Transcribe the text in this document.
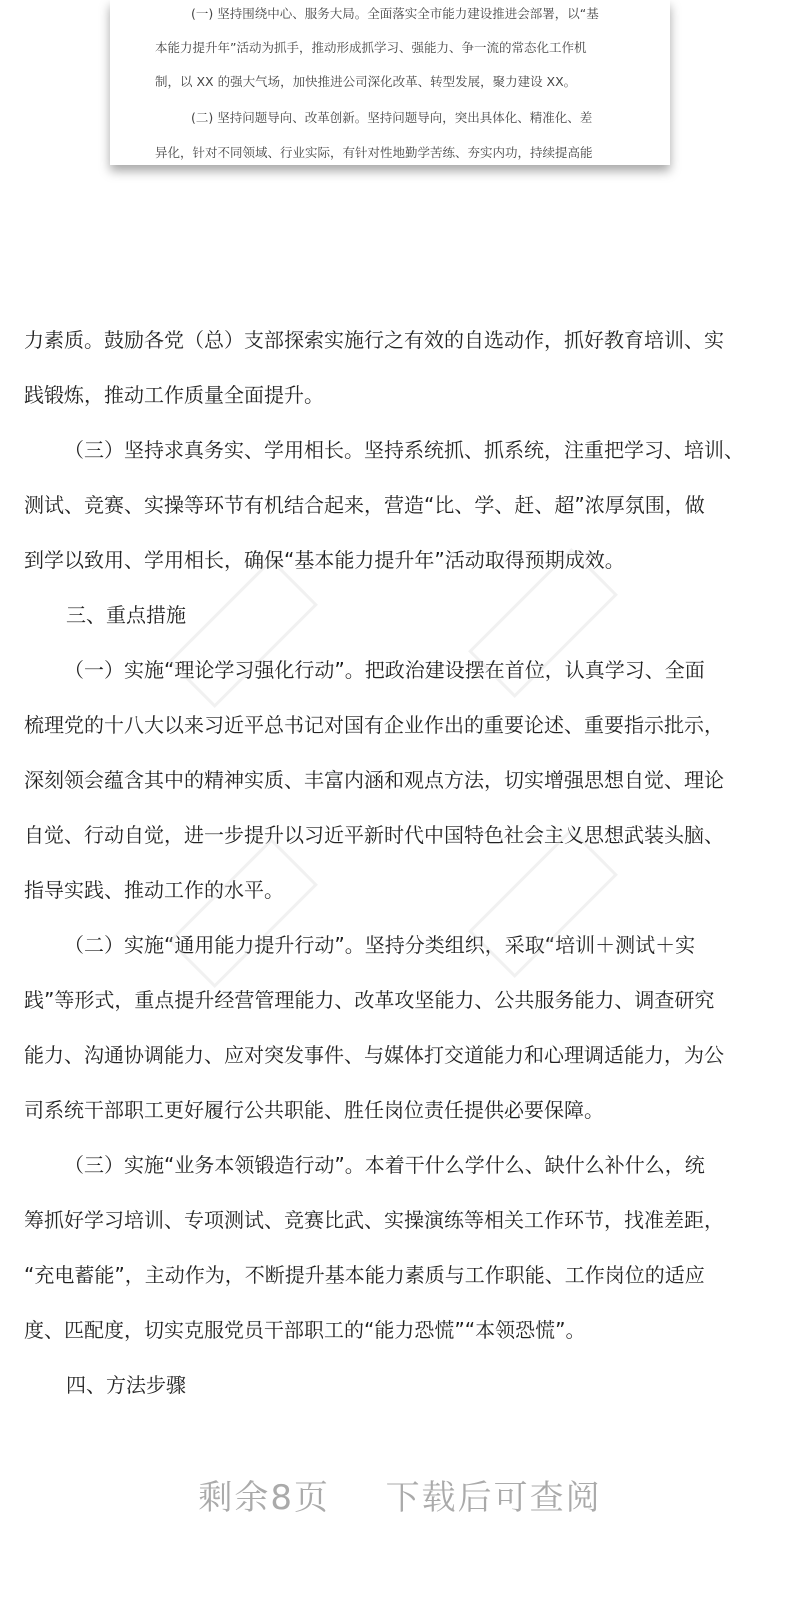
(一) 坚持围绕中心、服务大局。全面落实全市能力建设推进会部署，以“基

本能力提升年”活动为抓手，推动形成抓学习、强能力、争一流的常态化工作机

制，以 XX 的强大气场，加快推进公司深化改革、转型发展，聚力建设 XX。

(二) 坚持问题导向、改革创新。坚持问题导向，突出具体化、精准化、差

异化，针对不同领域、行业实际，有针对性地勤学苦练、夯实内功，持续提高能

力素质。鼓励各党（总）支部探索实施行之有效的自选动作，抓好教育培训、实

践锻炼，推动工作质量全面提升。

（三）坚持求真务实、学用相长。坚持系统抓、抓系统，注重把学习、培训、

测试、竞赛、实操等环节有机结合起来，营造“比、学、赶、超”浓厚氛围，做

到学以致用、学用相长，确保“基本能力提升年”活动取得预期成效。

三、重点措施

（一）实施“理论学习强化行动”。把政治建设摆在首位，认真学习、全面

梳理党的十八大以来习近平总书记对国有企业作出的重要论述、重要指示批示，

深刻领会蕴含其中的精神实质、丰富内涵和观点方法，切实增强思想自觉、理论

自觉、行动自觉，进一步提升以习近平新时代中国特色社会主义思想武装头脑、

指导实践、推动工作的水平。

（二）实施“通用能力提升行动”。坚持分类组织，采取“培训＋测试＋实

践”等形式，重点提升经营管理能力、改革攻坚能力、公共服务能力、调查研究

能力、沟通协调能力、应对突发事件、与媒体打交道能力和心理调适能力，为公

司系统干部职工更好履行公共职能、胜任岗位责任提供必要保障。

（三）实施“业务本领锻造行动”。本着干什么学什么、缺什么补什么，统

筹抓好学习培训、专项测试、竞赛比武、实操演练等相关工作环节，找准差距，

“充电蓄能”，主动作为，不断提升基本能力素质与工作职能、工作岗位的适应

度、匹配度，切实克服党员干部职工的“能力恐慌”“本领恐慌”。

四、方法步骤

剩余8页 下载后可查阅
